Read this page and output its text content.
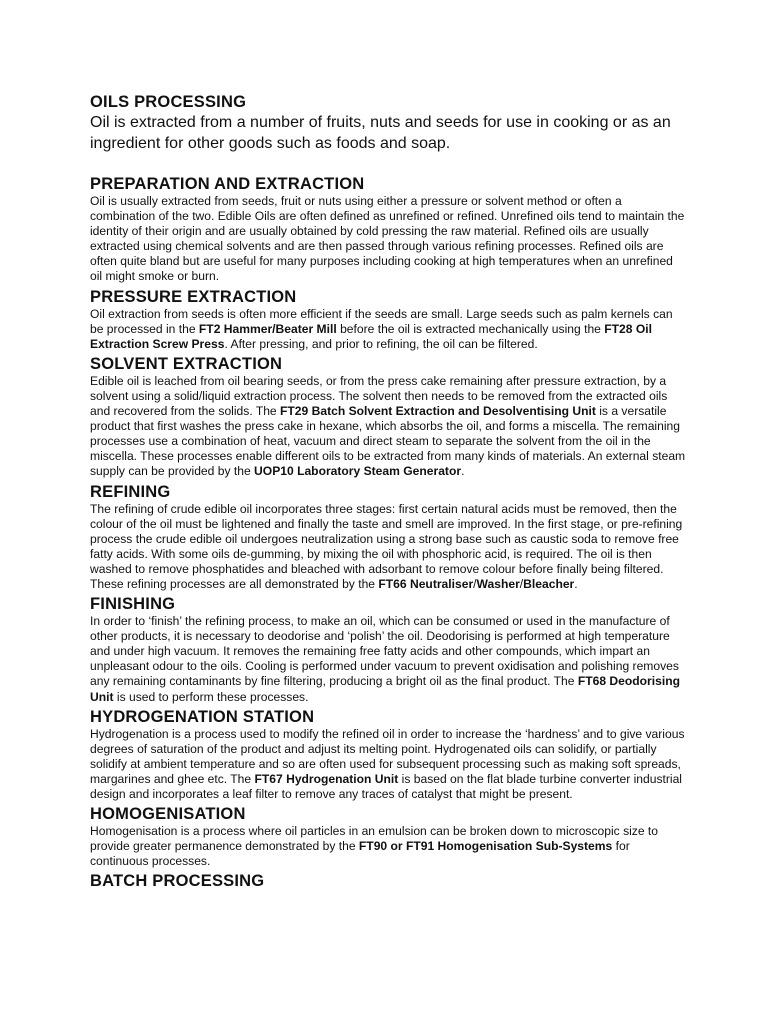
OILS PROCESSING

Oil is extracted from a number of fruits, nuts and seeds for use in cooking or as an ingredient for other goods such as foods and soap.

PREPARATION AND EXTRACTION

Oil is usually extracted from seeds, fruit or nuts using either a pressure or solvent method or often a combination of the two. Edible Oils are often defined as unrefined or refined. Unrefined oils tend to maintain the identity of their origin and are usually obtained by cold pressing the raw material. Refined oils are usually

extracted using chemical solvents and are then passed through various refining processes. Refined oils are often quite bland but are useful for many purposes including cooking at high temperatures when an unrefined oil might smoke or burn.

PRESSURE EXTRACTION

Oil extraction from seeds is often more efficient if the seeds are small. Large seeds such as palm kernels can be processed in the FT2 Hammer/Beater Mill before the oil is extracted mechanically using the FT28 Oil Extraction Screw Press. After pressing, and prior to refining, the oil can be filtered.

SOLVENT EXTRACTION

Edible oil is leached from oil bearing seeds, or from the press cake remaining after pressure extraction, by a solvent using a solid/liquid extraction process. The solvent then needs to be removed from the extracted oils and recovered from the solids. The FT29 Batch Solvent Extraction and Desolventising Unit is a versatile product that first washes the press cake in hexane, which absorbs the oil, and forms a miscella. The remaining processes use a combination of heat, vacuum and direct steam to separate the solvent from the oil in the miscella. These processes enable different oils to be extracted from many kinds of materials. An external steam supply can be provided by the UOP10 Laboratory Steam Generator.

REFINING

The refining of crude edible oil incorporates three stages: first certain natural acids must be removed, then the colour of the oil must be lightened and finally the taste and smell are improved. In the first stage, or pre-refining process the crude edible oil undergoes neutralization using a strong base such as caustic soda to remove free fatty acids. With some oils de-gumming, by mixing the oil with phosphoric acid, is required. The oil is then washed to remove phosphatides and bleached with adsorbant to remove colour before finally being filtered. These refining processes are all demonstrated by the FT66 Neutraliser/Washer/Bleacher.

FINISHING

In order to ‘finish’ the refining process, to make an oil, which can be consumed or used in the manufacture of other products, it is necessary to deodorise and ‘polish’ the oil. Deodorising is performed at high temperature and under high vacuum. It removes the remaining free fatty acids and other compounds, which impart an unpleasant odour to the oils. Cooling is performed under vacuum to prevent oxidisation and polishing removes any remaining contaminants by fine filtering, producing a bright oil as the final product. The FT68 Deodorising Unit is used to perform these processes.

HYDROGENATION STATION

Hydrogenation is a process used to modify the refined oil in order to increase the ‘hardness’ and to give various degrees of saturation of the product and adjust its melting point. Hydrogenated oils can solidify, or partially solidify at ambient temperature and so are often used for subsequent processing such as making soft spreads, margarines and ghee etc. The FT67 Hydrogenation Unit is based on the flat blade turbine converter industrial design and incorporates a leaf filter to remove any traces of catalyst that might be present.

HOMOGENISATION

Homogenisation is a process where oil particles in an emulsion can be broken down to microscopic size to provide greater permanence demonstrated by the FT90 or FT91 Homogenisation Sub-Systems for continuous processes.

BATCH PROCESSING
